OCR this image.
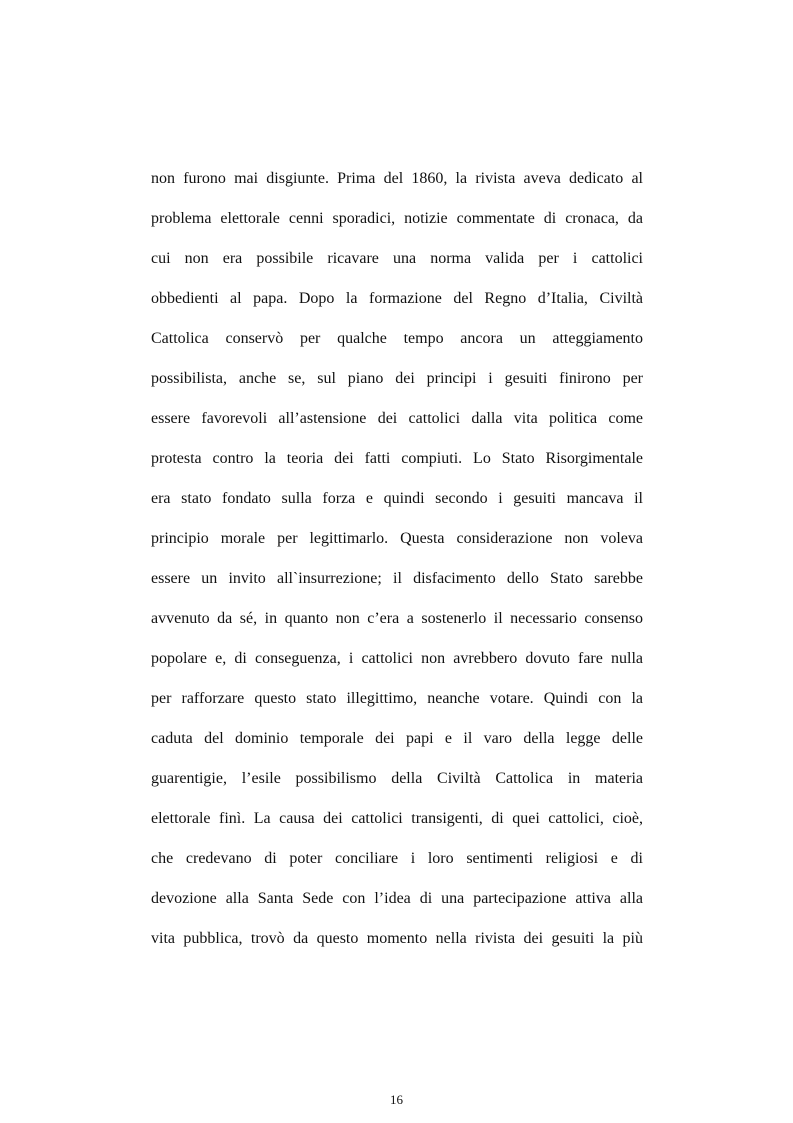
non furono mai disgiunte. Prima del 1860, la rivista aveva dedicato al
problema elettorale cenni sporadici, notizie commentate di cronaca, da
cui non era possibile ricavare una norma valida per i cattolici
obbedienti al papa. Dopo la formazione del Regno d’Italia, Civiltà
Cattolica conservò per qualche tempo ancora un atteggiamento
possibilista, anche se, sul piano dei principi i gesuiti finirono per
essere favorevoli all’astensione dei cattolici dalla vita politica come
protesta contro la teoria dei fatti compiuti. Lo Stato Risorgimentale
era stato fondato sulla forza e quindi secondo i gesuiti mancava il
principio morale per legittimarlo. Questa considerazione non voleva
essere un invito all`insurrezione; il disfacimento dello Stato sarebbe
avvenuto da sé, in quanto non c’era a sostenerlo il necessario consenso
popolare e, di conseguenza, i cattolici non avrebbero dovuto fare nulla
per rafforzare questo stato illegittimo, neanche votare. Quindi con la
caduta del dominio temporale dei papi e il varo della legge delle
guarentigie, l’esile possibilismo della Civiltà Cattolica in materia
elettorale finì. La causa dei cattolici transigenti, di quei cattolici, cioè,
che credevano di poter conciliare i loro sentimenti religiosi e di
devozione alla Santa Sede con l’idea di una partecipazione attiva alla
vita pubblica, trovò da questo momento nella rivista dei gesuiti la più
16
